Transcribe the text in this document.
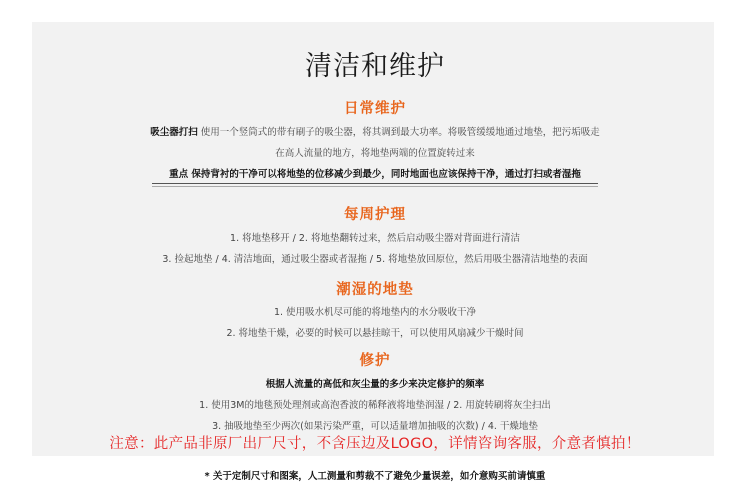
清洁和维护
日常维护
吸尘器打扫 使用一个竖筒式的带有刷子的吸尘器，将其调到最大功率。将吸管缓缓地通过地垫，把污垢吸走
在高人流量的地方，将地垫两端的位置旋转过来
重点 保持背衬的干净可以将地垫的位移减少到最少，同时地面也应该保持干净，通过打扫或者湿拖
每周护理
1. 将地垫移开 / 2. 将地垫翻转过来，然后启动吸尘器对背面进行清洁
3. 捡起地垫 / 4. 清洁地面，通过吸尘器或者湿拖 / 5. 将地垫放回原位，然后用吸尘器清洁地垫的表面
潮湿的地垫
1. 使用吸水机尽可能的将地垫内的水分吸收干净
2. 将地垫干燥，必要的时候可以悬挂晾干，可以使用风扇减少干燥时间
修护
根据人流量的高低和灰尘量的多少来决定修护的频率
1. 使用3M的地毯预处理剂或高泡香波的稀释液将地垫润湿 / 2. 用旋转刷将灰尘扫出
3. 抽吸地垫至少两次(如果污染严重，可以适量增加抽吸的次数) / 4. 干燥地垫
注意：此产品非原厂出厂尺寸，不含压边及LOGO，详情咨询客服，介意者慎拍！
* 关于定制尺寸和图案，人工测量和剪裁不了避免少量误差，如介意购买前请慎重
